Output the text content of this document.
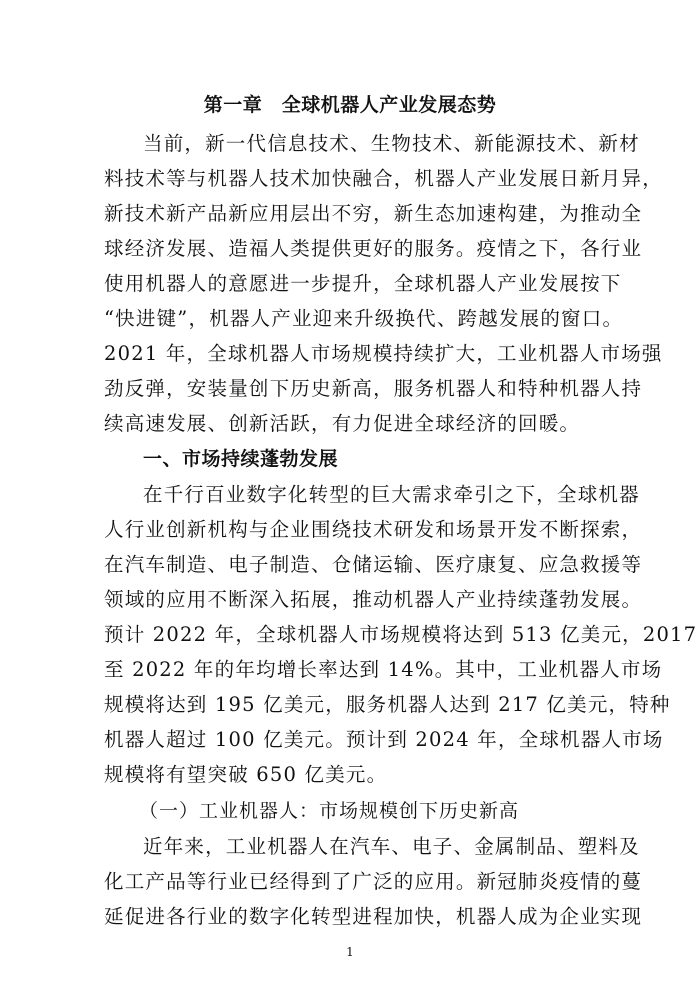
第一章　全球机器人产业发展态势
当前，新一代信息技术、生物技术、新能源技术、新材
料技术等与机器人技术加快融合，机器人产业发展日新月异，
新技术新产品新应用层出不穷，新生态加速构建，为推动全
球经济发展、造福人类提供更好的服务。疫情之下，各行业
使用机器人的意愿进一步提升，全球机器人产业发展按下
“快进键”，机器人产业迎来升级换代、跨越发展的窗口。
2021 年，全球机器人市场规模持续扩大，工业机器人市场强
劲反弹，安装量创下历史新高，服务机器人和特种机器人持
续高速发展、创新活跃，有力促进全球经济的回暖。
一、市场持续蓬勃发展
在千行百业数字化转型的巨大需求牵引之下，全球机器
人行业创新机构与企业围绕技术研发和场景开发不断探索，
在汽车制造、电子制造、仓储运输、医疗康复、应急救援等
领域的应用不断深入拓展，推动机器人产业持续蓬勃发展。
预计 2022 年，全球机器人市场规模将达到 513 亿美元，2017
至 2022 年的年均增长率达到 14%。其中，工业机器人市场
规模将达到 195 亿美元，服务机器人达到 217 亿美元，特种
机器人超过 100 亿美元。预计到 2024 年，全球机器人市场
规模将有望突破 650 亿美元。
（一）工业机器人：市场规模创下历史新高
近年来，工业机器人在汽车、电子、金属制品、塑料及
化工产品等行业已经得到了广泛的应用。新冠肺炎疫情的蔓
延促进各行业的数字化转型进程加快，机器人成为企业实现
1
